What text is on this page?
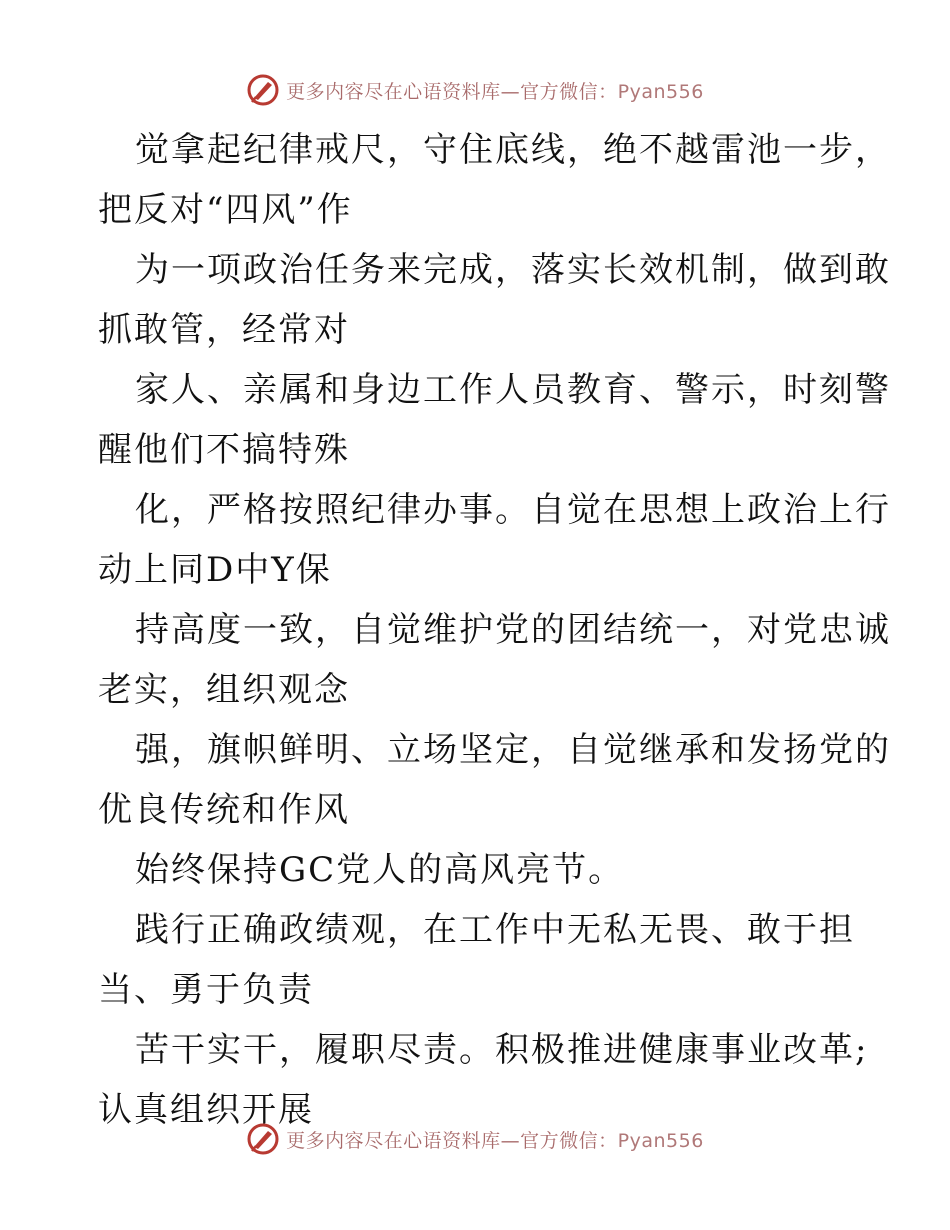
更多内容尽在心语资料库—官方微信：Pyan556

觉拿起纪律戒尺，守住底线，绝不越雷池一步，
把反对“四风”作

为一项政治任务来完成，落实长效机制，做到敢
抓敢管，经常对

家人、亲属和身边工作人员教育、警示，时刻警
醒他们不搞特殊

化，严格按照纪律办事。自觉在思想上政治上行
动上同D中Y保

持高度一致，自觉维护党的团结统一，对党忠诚
老实，组织观念

强，旗帜鲜明、立场坚定，自觉继承和发扬党的
优良传统和作风

始终保持GC党人的高风亮节。

践行正确政绩观，在工作中无私无畏、敢于担
当、勇于负责

苦干实干，履职尽责。积极推进健康事业改革;
认真组织开展

更多内容尽在心语资料库—官方微信：Pyan556
